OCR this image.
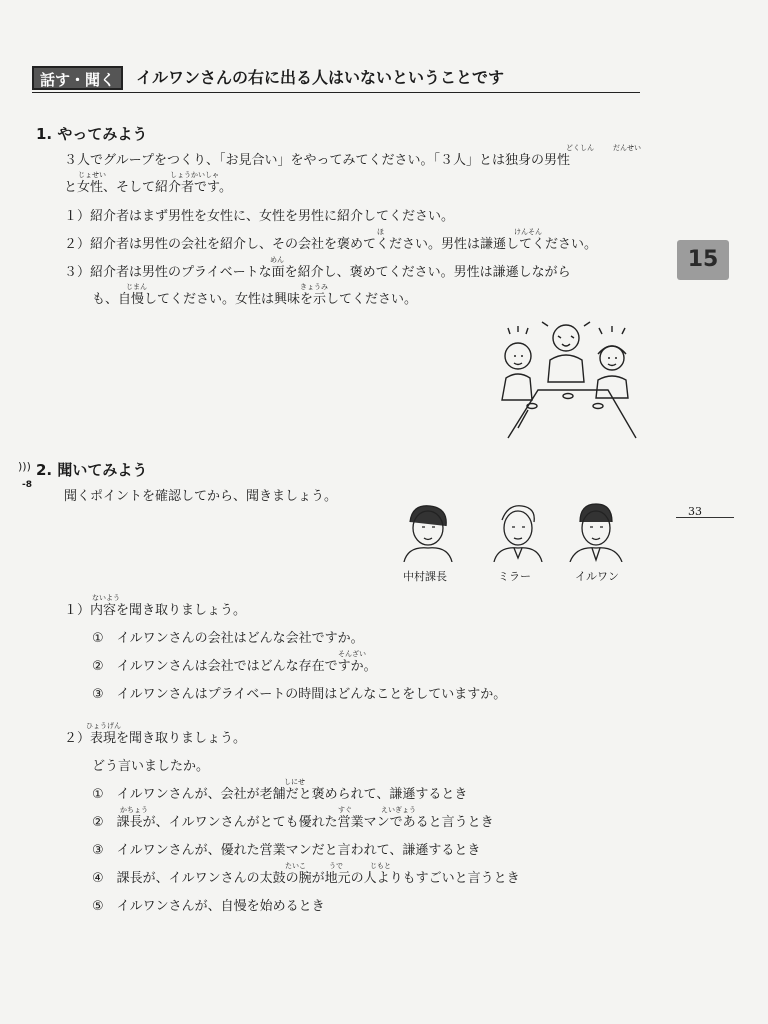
話す・聞く	イルワンさんの右に出る人はいないということです
1. やってみよう
どくしん	だんせい
３人でグループをつくり、「お見合い」をやってみてください。「３人」とは独身の男性
じょせい	しょうかいしゃ
と女性、そして紹介者です。
１）紹介者はまず男性を女性に、女性を男性に紹介してください。
ほ	けんそん
２）紹介者は男性の会社を紹介し、その会社を褒めてください。男性は謙遜してください。
めん
３）紹介者は男性のプライベートな面を紹介し、褒めてください。男性は謙遜しながら
じまん	きょうみ
も、自慢してください。女性は興味を示してください。
15
)))
-8
2. 聞いてみよう
聞くポイントを確認してから、聞きましょう。
33
中村課長	ミラー	イルワン
ないよう
１）内容を聞き取りましょう。
①　イルワンさんの会社はどんな会社ですか。
そんざい
②　イルワンさんは会社ではどんな存在ですか。
③　イルワンさんはプライベートの時間はどんなことをしていますか。
ひょうげん
２）表現を聞き取りましょう。
どう言いましたか。
しにせ
①　イルワンさんが、会社が老舗だと褒められて、謙遜するとき
かちょう	すぐ	えいぎょう
②　課長が、イルワンさんがとても優れた営業マンであると言うとき
③　イルワンさんが、優れた営業マンだと言われて、謙遜するとき
たいこ	うで	じもと
④　課長が、イルワンさんの太鼓の腕が地元の人よりもすごいと言うとき
⑤　イルワンさんが、自慢を始めるとき
